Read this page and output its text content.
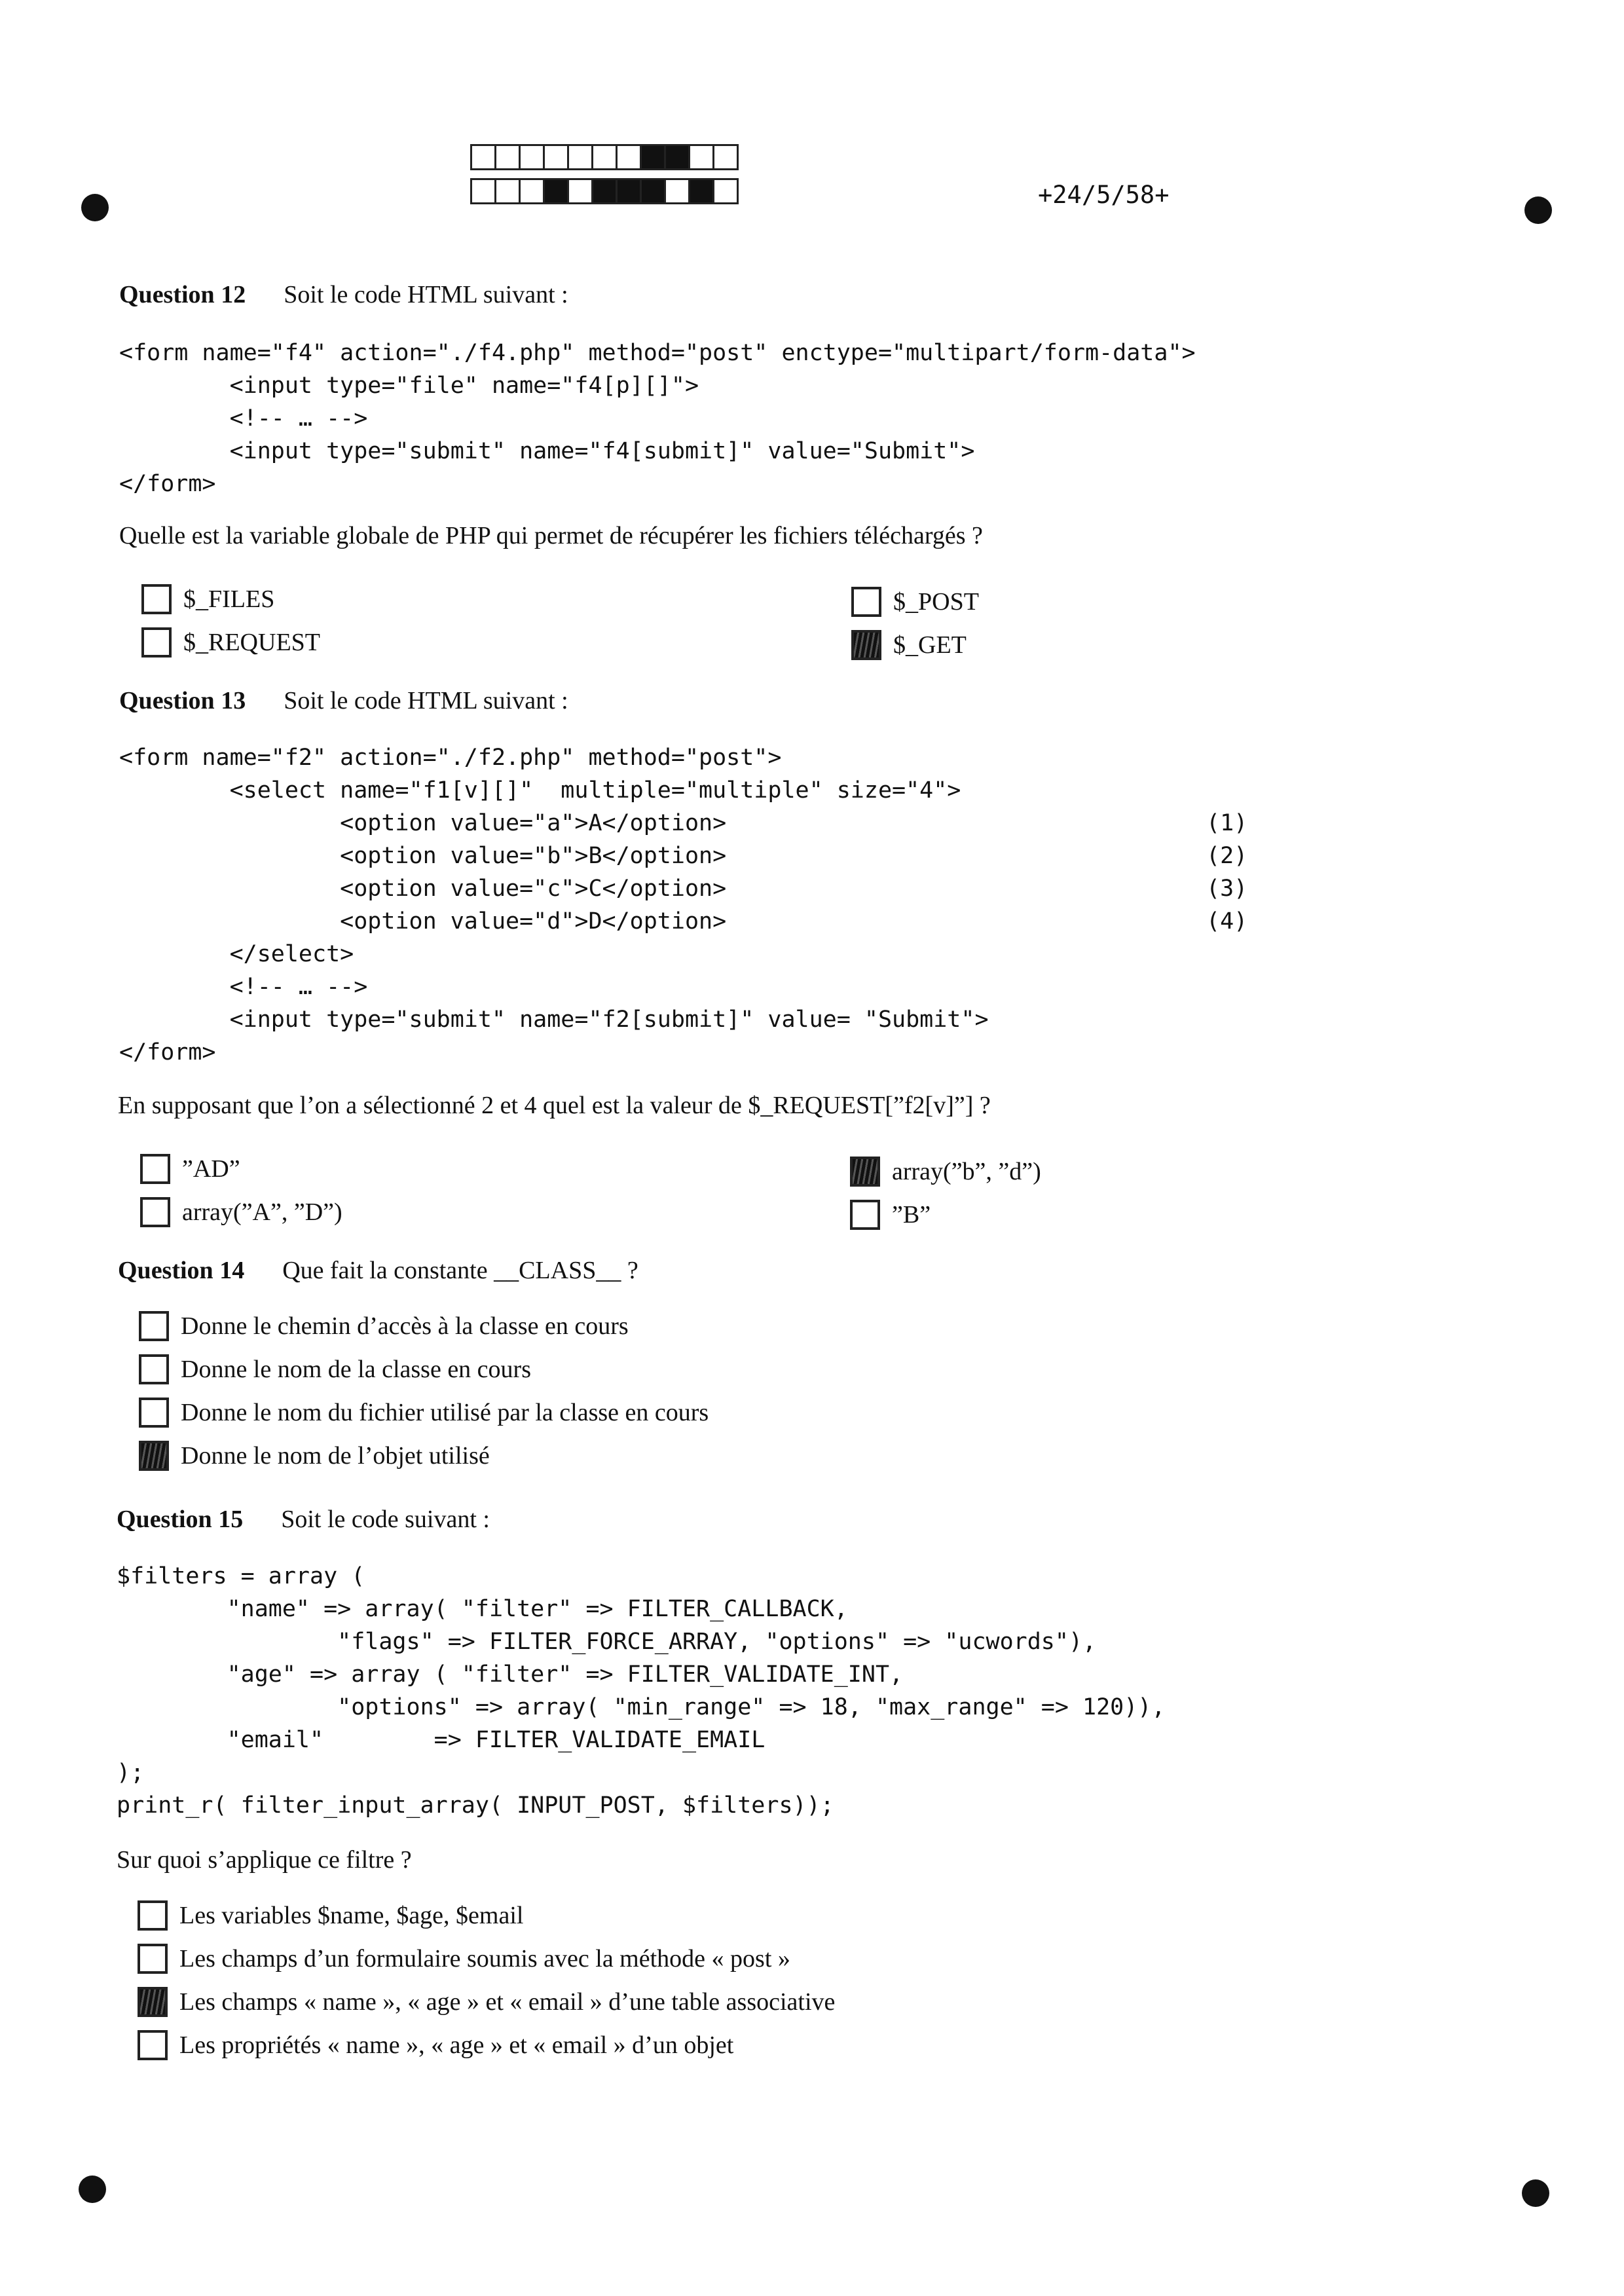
+24/5/58+
Question 12 Soit le code HTML suivant :
<form name="f4" action="./f4.php" method="post" enctype="multipart/form-data">
<input type="file" name="f4[p][]">
<!-- … -->
<input type="submit" name="f4[submit]" value="Submit">
</form>
Quelle est la variable globale de PHP qui permet de récupérer les fichiers téléchargés ?
$_FILES
$_REQUEST
$_POST
$_GET
Question 13 Soit le code HTML suivant :
<form name="f2" action="./f2.php" method="post">
<select name="f1[v][]"  multiple="multiple" size="4">
<option value="a">A</option>
<option value="b">B</option>
<option value="c">C</option>
<option value="d">D</option>
</select>
<!-- … -->
<input type="submit" name="f2[submit]" value= "Submit">
</form>
(1)
(2)
(3)
(4)
En supposant que l’on a sélectionné 2 et 4 quel est la valeur de $_REQUEST[”f2[v]”] ?
”AD”
array(”A”, ”D”)
array(”b”, ”d”)
”B”
Question 14 Que fait la constante __CLASS__ ?
Donne le chemin d’accès à la classe en cours
Donne le nom de la classe en cours
Donne le nom du fichier utilisé par la classe en cours
Donne le nom de l’objet utilisé
Question 15 Soit le code suivant :
$filters = array (
"name" => array( "filter" => FILTER_CALLBACK,
"flags" => FILTER_FORCE_ARRAY, "options" => "ucwords"),
"age" => array ( "filter" => FILTER_VALIDATE_INT,
"options" => array( "min_range" => 18, "max_range" => 120)),
"email"        => FILTER_VALIDATE_EMAIL
);
print_r( filter_input_array( INPUT_POST, $filters));
Sur quoi s’applique ce filtre ?
Les variables $name, $age, $email
Les champs d’un formulaire soumis avec la méthode « post »
Les champs « name », « age » et « email » d’une table associative
Les propriétés « name », « age » et « email » d’un objet
